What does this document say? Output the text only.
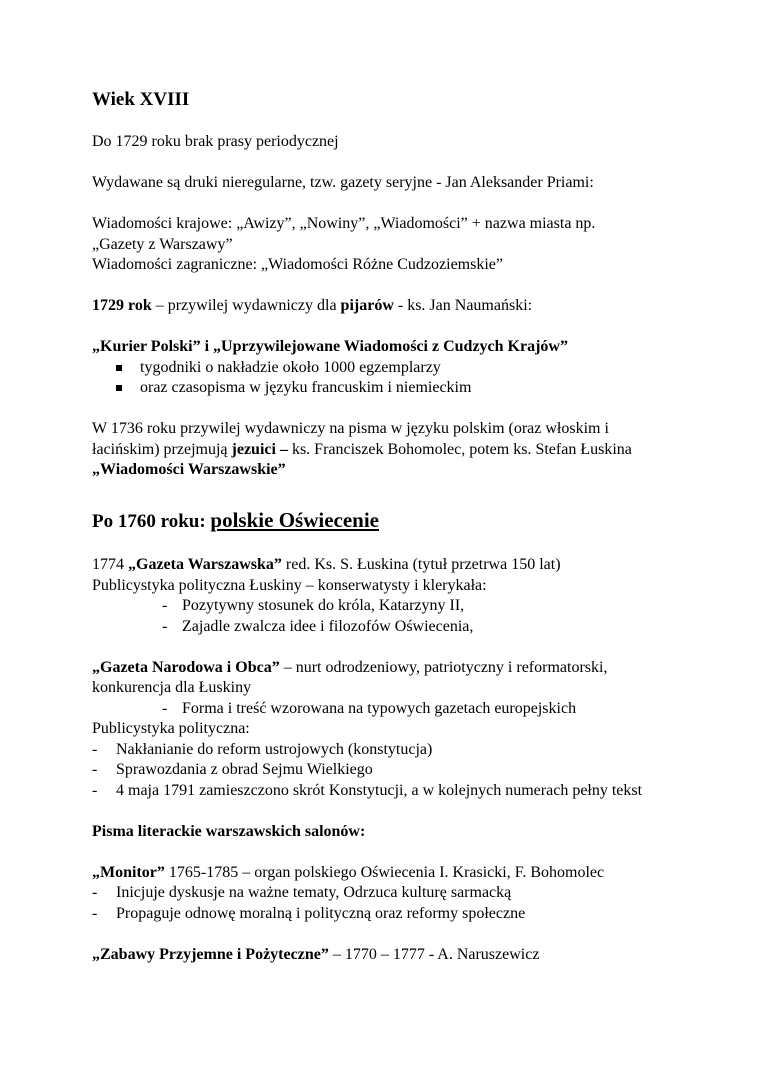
Wiek XVIII

Do 1729 roku brak prasy periodycznej

Wydawane są druki nieregularne, tzw. gazety seryjne - Jan Aleksander Priami:

Wiadomości krajowe: „Awizy”, „Nowiny”, „Wiadomości” + nazwa miasta np.

„Gazety z Warszawy”

Wiadomości zagraniczne: „Wiadomości Różne Cudzoziemskie”

1729 rok – przywilej wydawniczy dla pijarów - ks. Jan Naumański:

„Kurier Polski” i „Uprzywilejowane Wiadomości z Cudzych Krajów”

tygodniki o nakładzie około 1000 egzemplarzy
oraz czasopisma w języku francuskim i niemieckim

W 1736 roku przywilej wydawniczy na pisma w języku polskim (oraz włoskim i

łacińskim) przejmują jezuici – ks. Franciszek Bohomolec, potem ks. Stefan Łuskina

„Wiadomości Warszawskie”

Po 1760 roku: polskie Oświecenie

1774 „Gazeta Warszawska” red. Ks. S. Łuskina (tytuł przetrwa 150 lat)

Publicystyka polityczna Łuskiny – konserwatysty i klerykała:

- Pozytywny stosunek do króla, Katarzyny II,

- Zajadle zwalcza idee i filozofów Oświecenia,

„Gazeta Narodowa i Obca” – nurt odrodzeniowy, patriotyczny i reformatorski,

konkurencja dla Łuskiny

- Forma i treść wzorowana na typowych gazetach europejskich

Publicystyka polityczna:

- Nakłanianie do reform ustrojowych (konstytucja)

- Sprawozdania z obrad Sejmu Wielkiego

- 4 maja 1791 zamieszczono skrót Konstytucji, a w kolejnych numerach pełny tekst

Pisma literackie warszawskich salonów:

„Monitor” 1765-1785 – organ polskiego Oświecenia I. Krasicki, F. Bohomolec

- Inicjuje dyskusje na ważne tematy, Odrzuca kulturę sarmacką

- Propaguje odnowę moralną i polityczną oraz reformy społeczne

„Zabawy Przyjemne i Pożyteczne” – 1770 – 1777 - A. Naruszewicz
